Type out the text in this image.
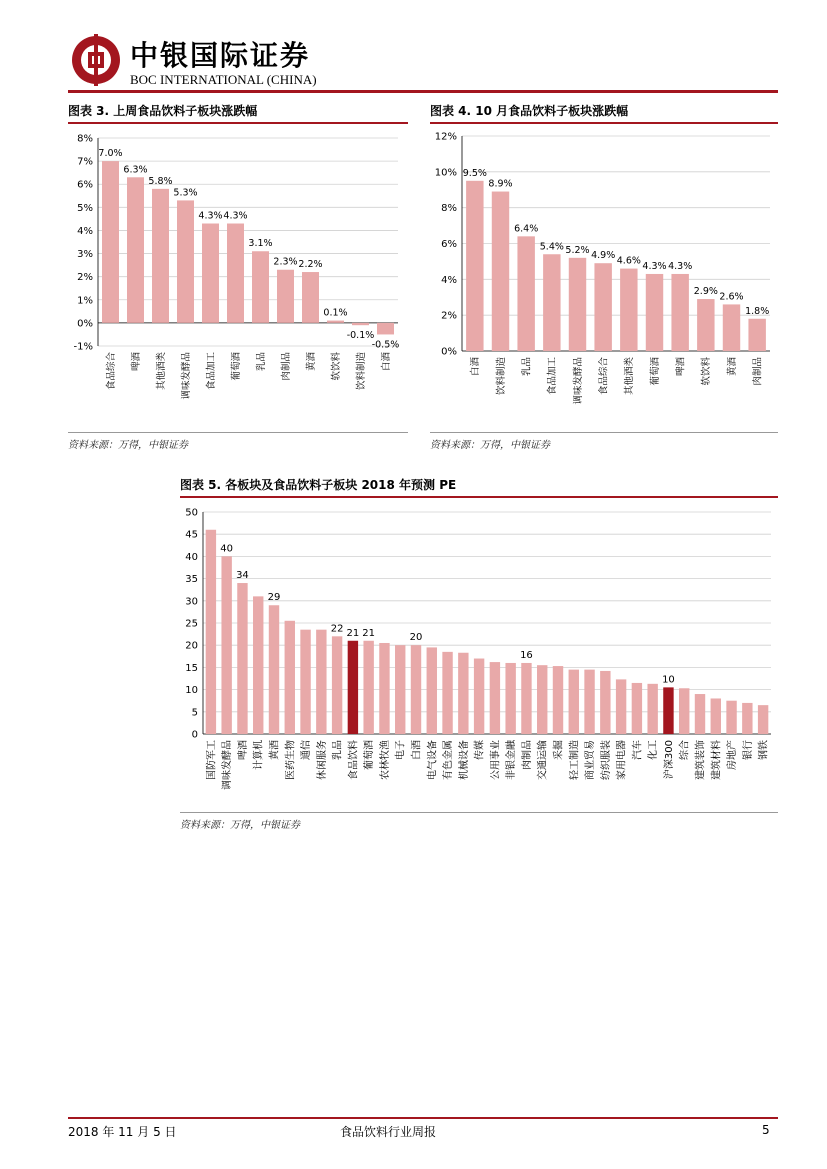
中银国际证券
BOC INTERNATIONAL (CHINA)
图表 3. 上周食品饮料子板块涨跌幅
8%
7%
6%
5%
4%
3%
2%
1%
0%
-1%
7.0%
食品综合
6.3%
啤酒
5.8%
其他酒类
5.3%
调味发酵品
4.3%
食品加工
4.3%
葡萄酒
3.1%
乳品
2.3%
肉制品
2.2%
黄酒
0.1%
软饮料
-0.1%
饮料制造
-0.5%
白酒
资料来源：万得，中银证券
图表 4. 10 月食品饮料子板块涨跌幅
12%
10%
8%
6%
4%
2%
0%
9.5%
白酒
8.9%
饮料制造
6.4%
乳品
5.4%
食品加工
5.2%
调味发酵品
4.9%
食品综合
4.6%
其他酒类
4.3%
葡萄酒
4.3%
啤酒
2.9%
软饮料
2.6%
黄酒
1.8%
肉制品
资料来源：万得，中银证券
图表 5. 各板块及食品饮料子板块 2018 年预测 PE
50
45
40
35
30
25
20
15
10
5
0
国防军工
40
调味发酵品
34
啤酒 计算机
29
黄酒 医药生物 通信 休闲服务
22
乳品
21
食品饮料
21
葡萄酒 农林牧渔 电子
20
白酒 电气设备 有色金属 机械设备 传媒 公用事业 非银金融
16
肉制品 交通运输 采掘 轻工制造 商业贸易 纺织服装 家用电器 汽车 化工
10
沪深300 综合 建筑装饰 建筑材料 房地产 银行 钢铁
资料来源：万得，中银证券
2018 年 11 月 5 日	食品饮料行业周报	5
